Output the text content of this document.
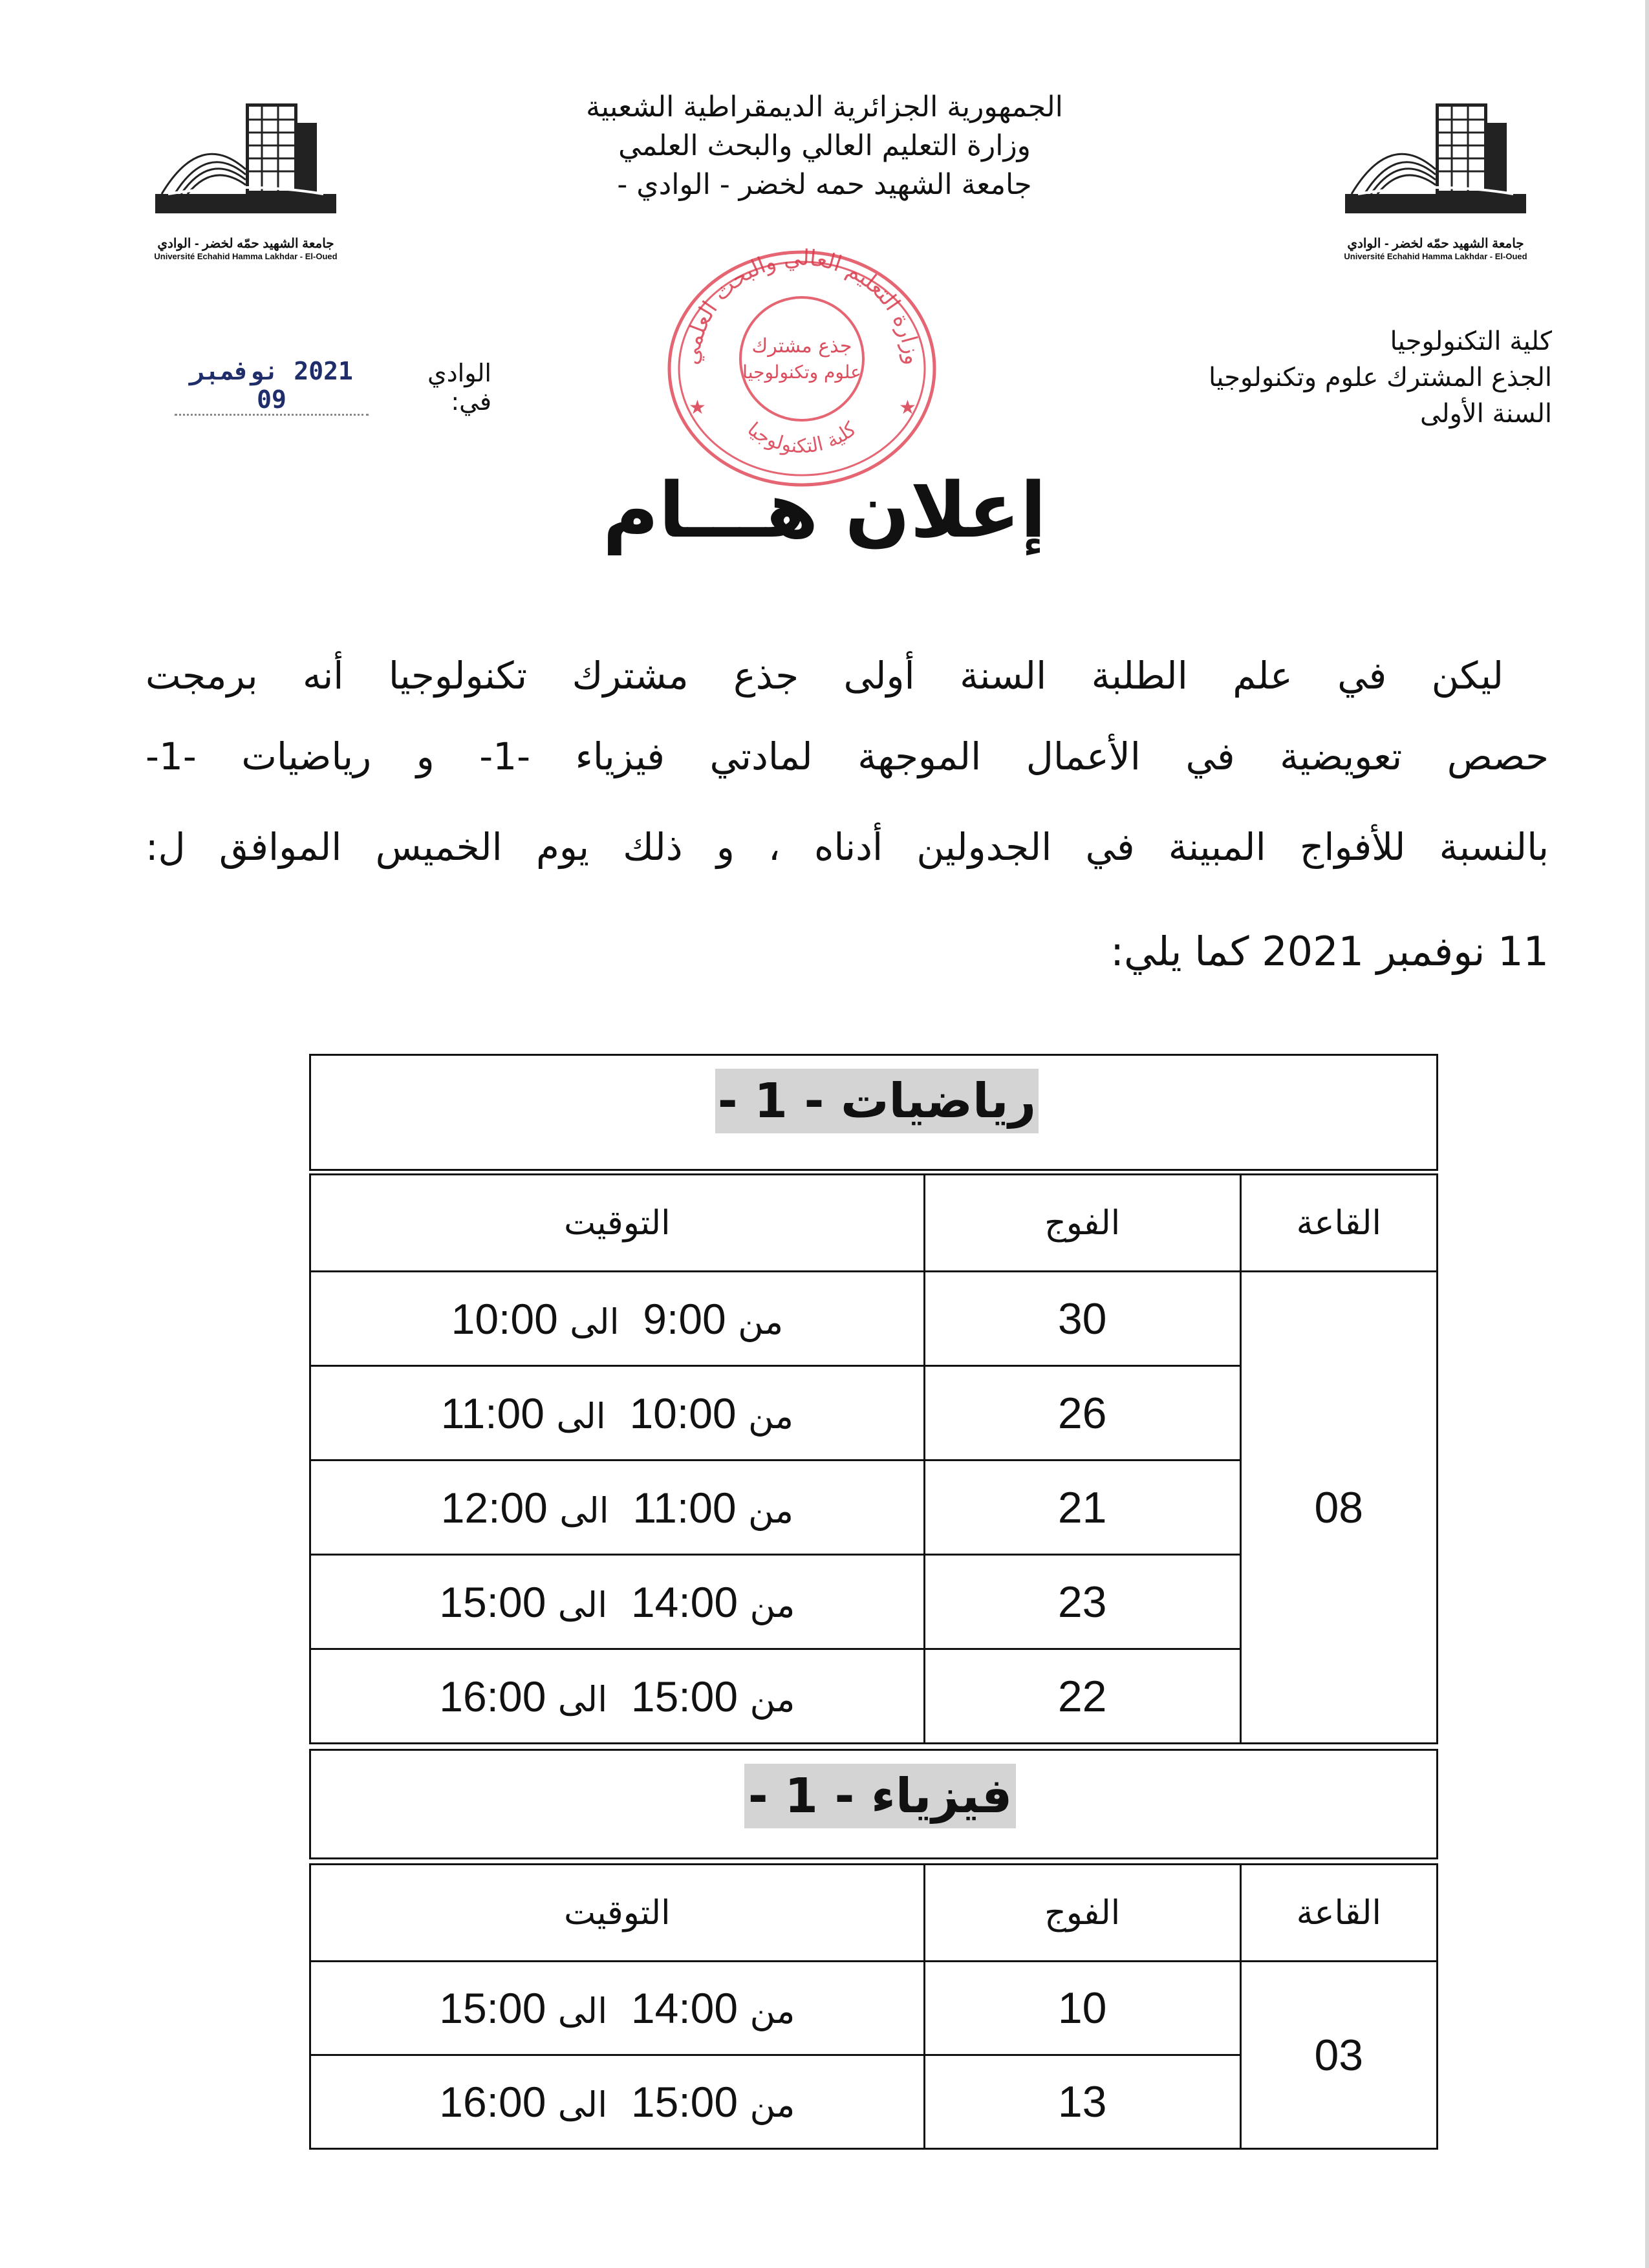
جامعة الشهيد حمّه لخضر - الوادي
Université Echahid Hamma Lakhdar - El-Oued
جامعة الشهيد حمّه لخضر - الوادي
Université Echahid Hamma Lakhdar - El-Oued
الجمهورية الجزائرية الديمقراطية الشعبية
وزارة التعليم العالي والبحث العلمي
جامعة الشهيد حمه لخضر - الوادي -
كلية التكنولوجيا
الجذع المشترك علوم وتكنولوجيا
السنة الأولى
2021 نوفمبر 09
الوادي في:
وزارة التعليم العالي والبحث العلمي
كلية التكنولوجيا
جذع مشترك
علوم وتكنولوجيا
★	★
إعلان هـــام
ليكن في علم الطلبة السنة أولى جذع مشترك تكنولوجيا أنه برمجت
حصص تعويضية في الأعمال الموجهة لمادتي فيزياء -1- و رياضيات -1-
بالنسبة للأفواج المبينة في الجدولين أدناه ، و ذلك يوم الخميس الموافق ل:
11 نوفمبر 2021 كما يلي:
رياضيات - 1 -
القاعة	الفوج	التوقيت
08	30	من 9:00  الى 10:00
	26	من 10:00  الى 11:00
	21	من 11:00  الى 12:00
	23	من 14:00  الى 15:00
	22	من 15:00  الى 16:00
فيزياء - 1 -
القاعة	الفوج	التوقيت
03	10	من 14:00  الى 15:00
	13	من 15:00  الى 16:00
